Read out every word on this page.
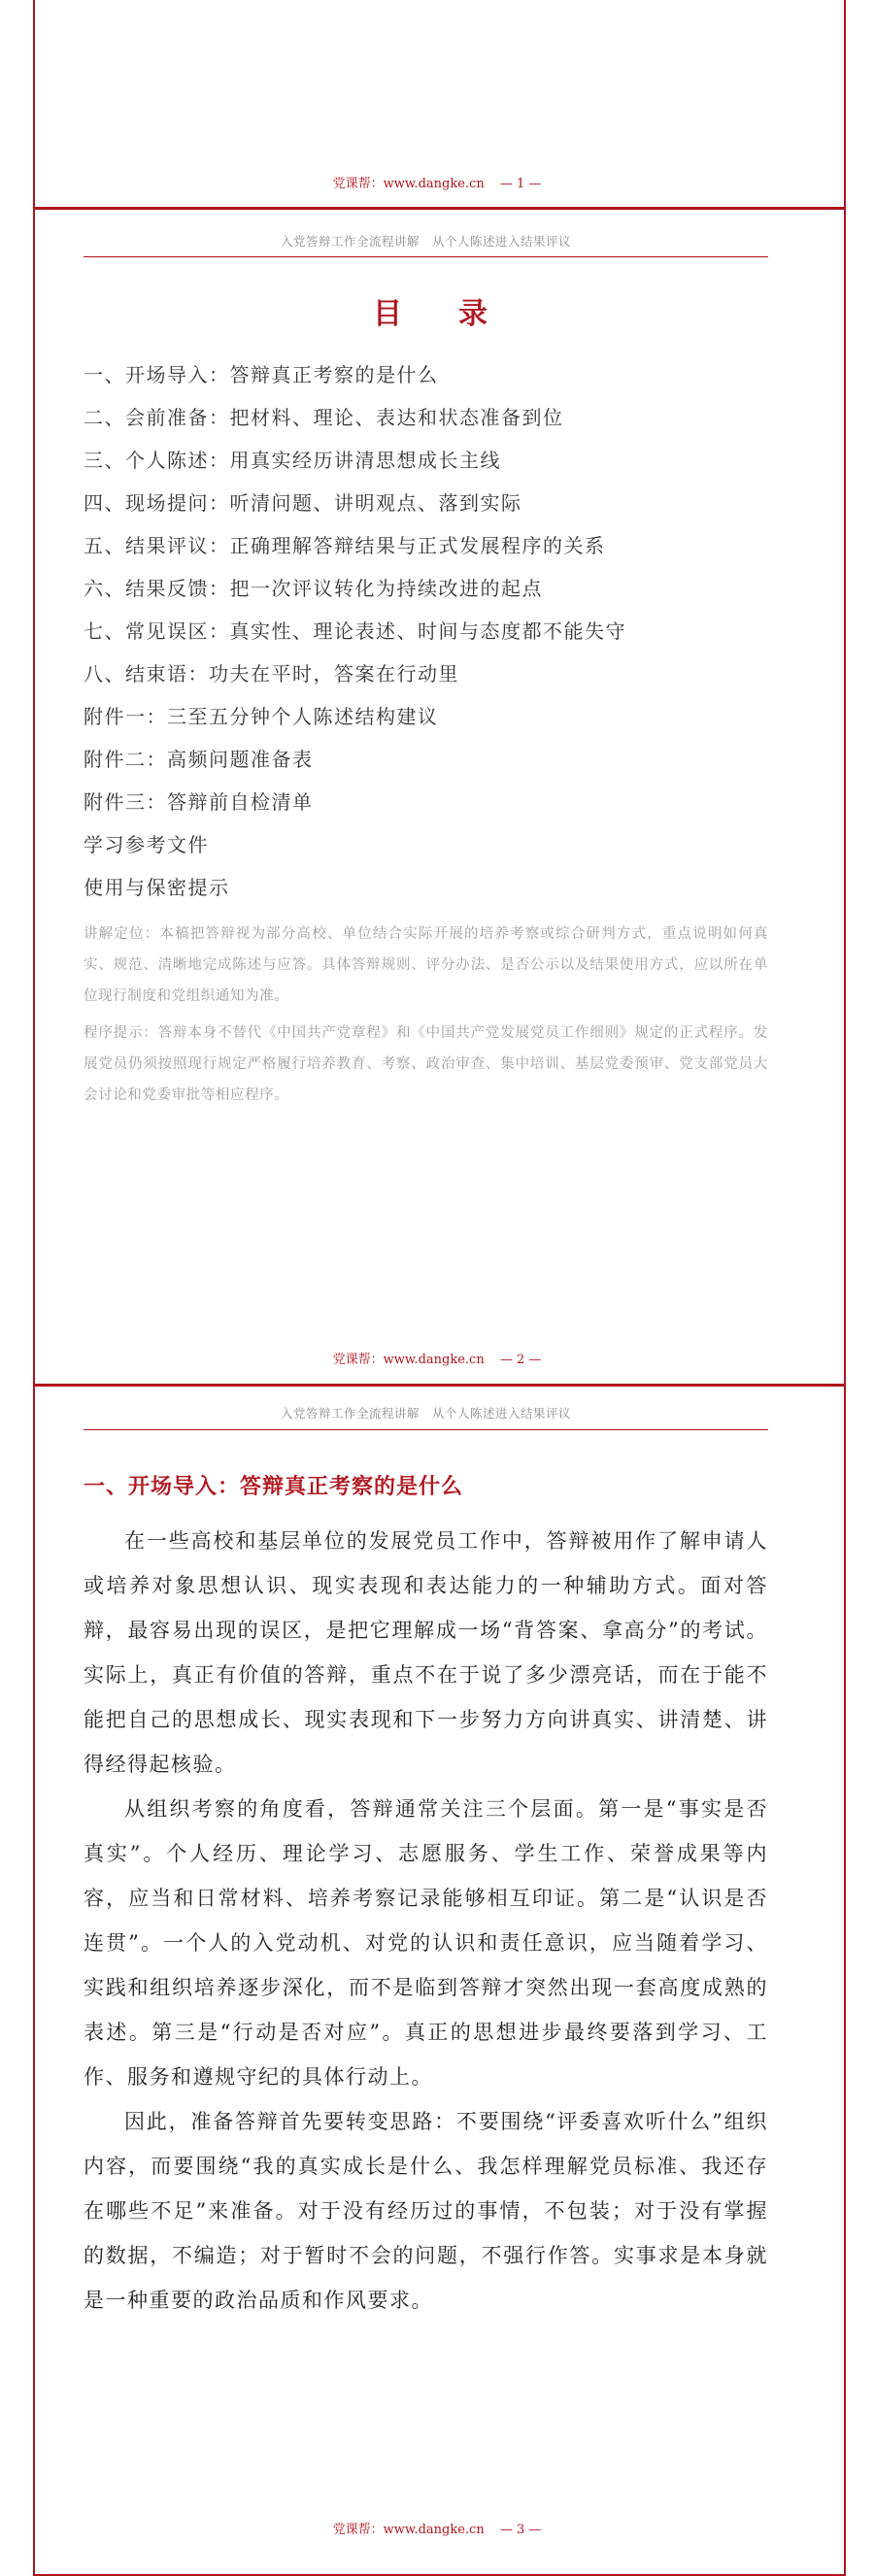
党课帮：www.dangke.cn — 1 —
入党答辩工作全流程讲解　从个人陈述进入结果评议
目　录
一、开场导入：答辩真正考察的是什么
二、会前准备：把材料、理论、表达和状态准备到位
三、个人陈述：用真实经历讲清思想成长主线
四、现场提问：听清问题、讲明观点、落到实际
五、结果评议：正确理解答辩结果与正式发展程序的关系
六、结果反馈：把一次评议转化为持续改进的起点
七、常见误区：真实性、理论表述、时间与态度都不能失守
八、结束语：功夫在平时，答案在行动里
附件一：三至五分钟个人陈述结构建议
附件二：高频问题准备表
附件三：答辩前自检清单
学习参考文件
使用与保密提示
讲解定位：本稿把答辩视为部分高校、单位结合实际开展的培养考察或综合研判方式，重点说明如何真实、规范、清晰地完成陈述与应答。具体答辩规则、评分办法、是否公示以及结果使用方式，应以所在单位现行制度和党组织通知为准。
程序提示：答辩本身不替代《中国共产党章程》和《中国共产党发展党员工作细则》规定的正式程序。发展党员仍须按照现行规定严格履行培养教育、考察、政治审查、集中培训、基层党委预审、党支部党员大会讨论和党委审批等相应程序。
党课帮：www.dangke.cn — 2 —
入党答辩工作全流程讲解　从个人陈述进入结果评议
一、开场导入：答辩真正考察的是什么

在一些高校和基层单位的发展党员工作中，答辩被用作了解申请人或培养对象思想认识、现实表现和表达能力的一种辅助方式。面对答辩，最容易出现的误区，是把它理解成一场“背答案、拿高分”的考试。实际上，真正有价值的答辩，重点不在于说了多少漂亮话，而在于能不能把自己的思想成长、现实表现和下一步努力方向讲真实、讲清楚、讲得经得起核验。

从组织考察的角度看，答辩通常关注三个层面。第一是“事实是否真实”。个人经历、理论学习、志愿服务、学生工作、荣誉成果等内容，应当和日常材料、培养考察记录能够相互印证。第二是“认识是否连贯”。一个人的入党动机、对党的认识和责任意识，应当随着学习、实践和组织培养逐步深化，而不是临到答辩才突然出现一套高度成熟的表述。第三是“行动是否对应”。真正的思想进步最终要落到学习、工作、服务和遵规守纪的具体行动上。

因此，准备答辩首先要转变思路：不要围绕“评委喜欢听什么”组织内容，而要围绕“我的真实成长是什么、我怎样理解党员标准、我还存在哪些不足”来准备。对于没有经历过的事情，不包装；对于没有掌握的数据，不编造；对于暂时不会的问题，不强行作答。实事求是本身就是一种重要的政治品质和作风要求。

党课帮：www.dangke.cn — 3 —
